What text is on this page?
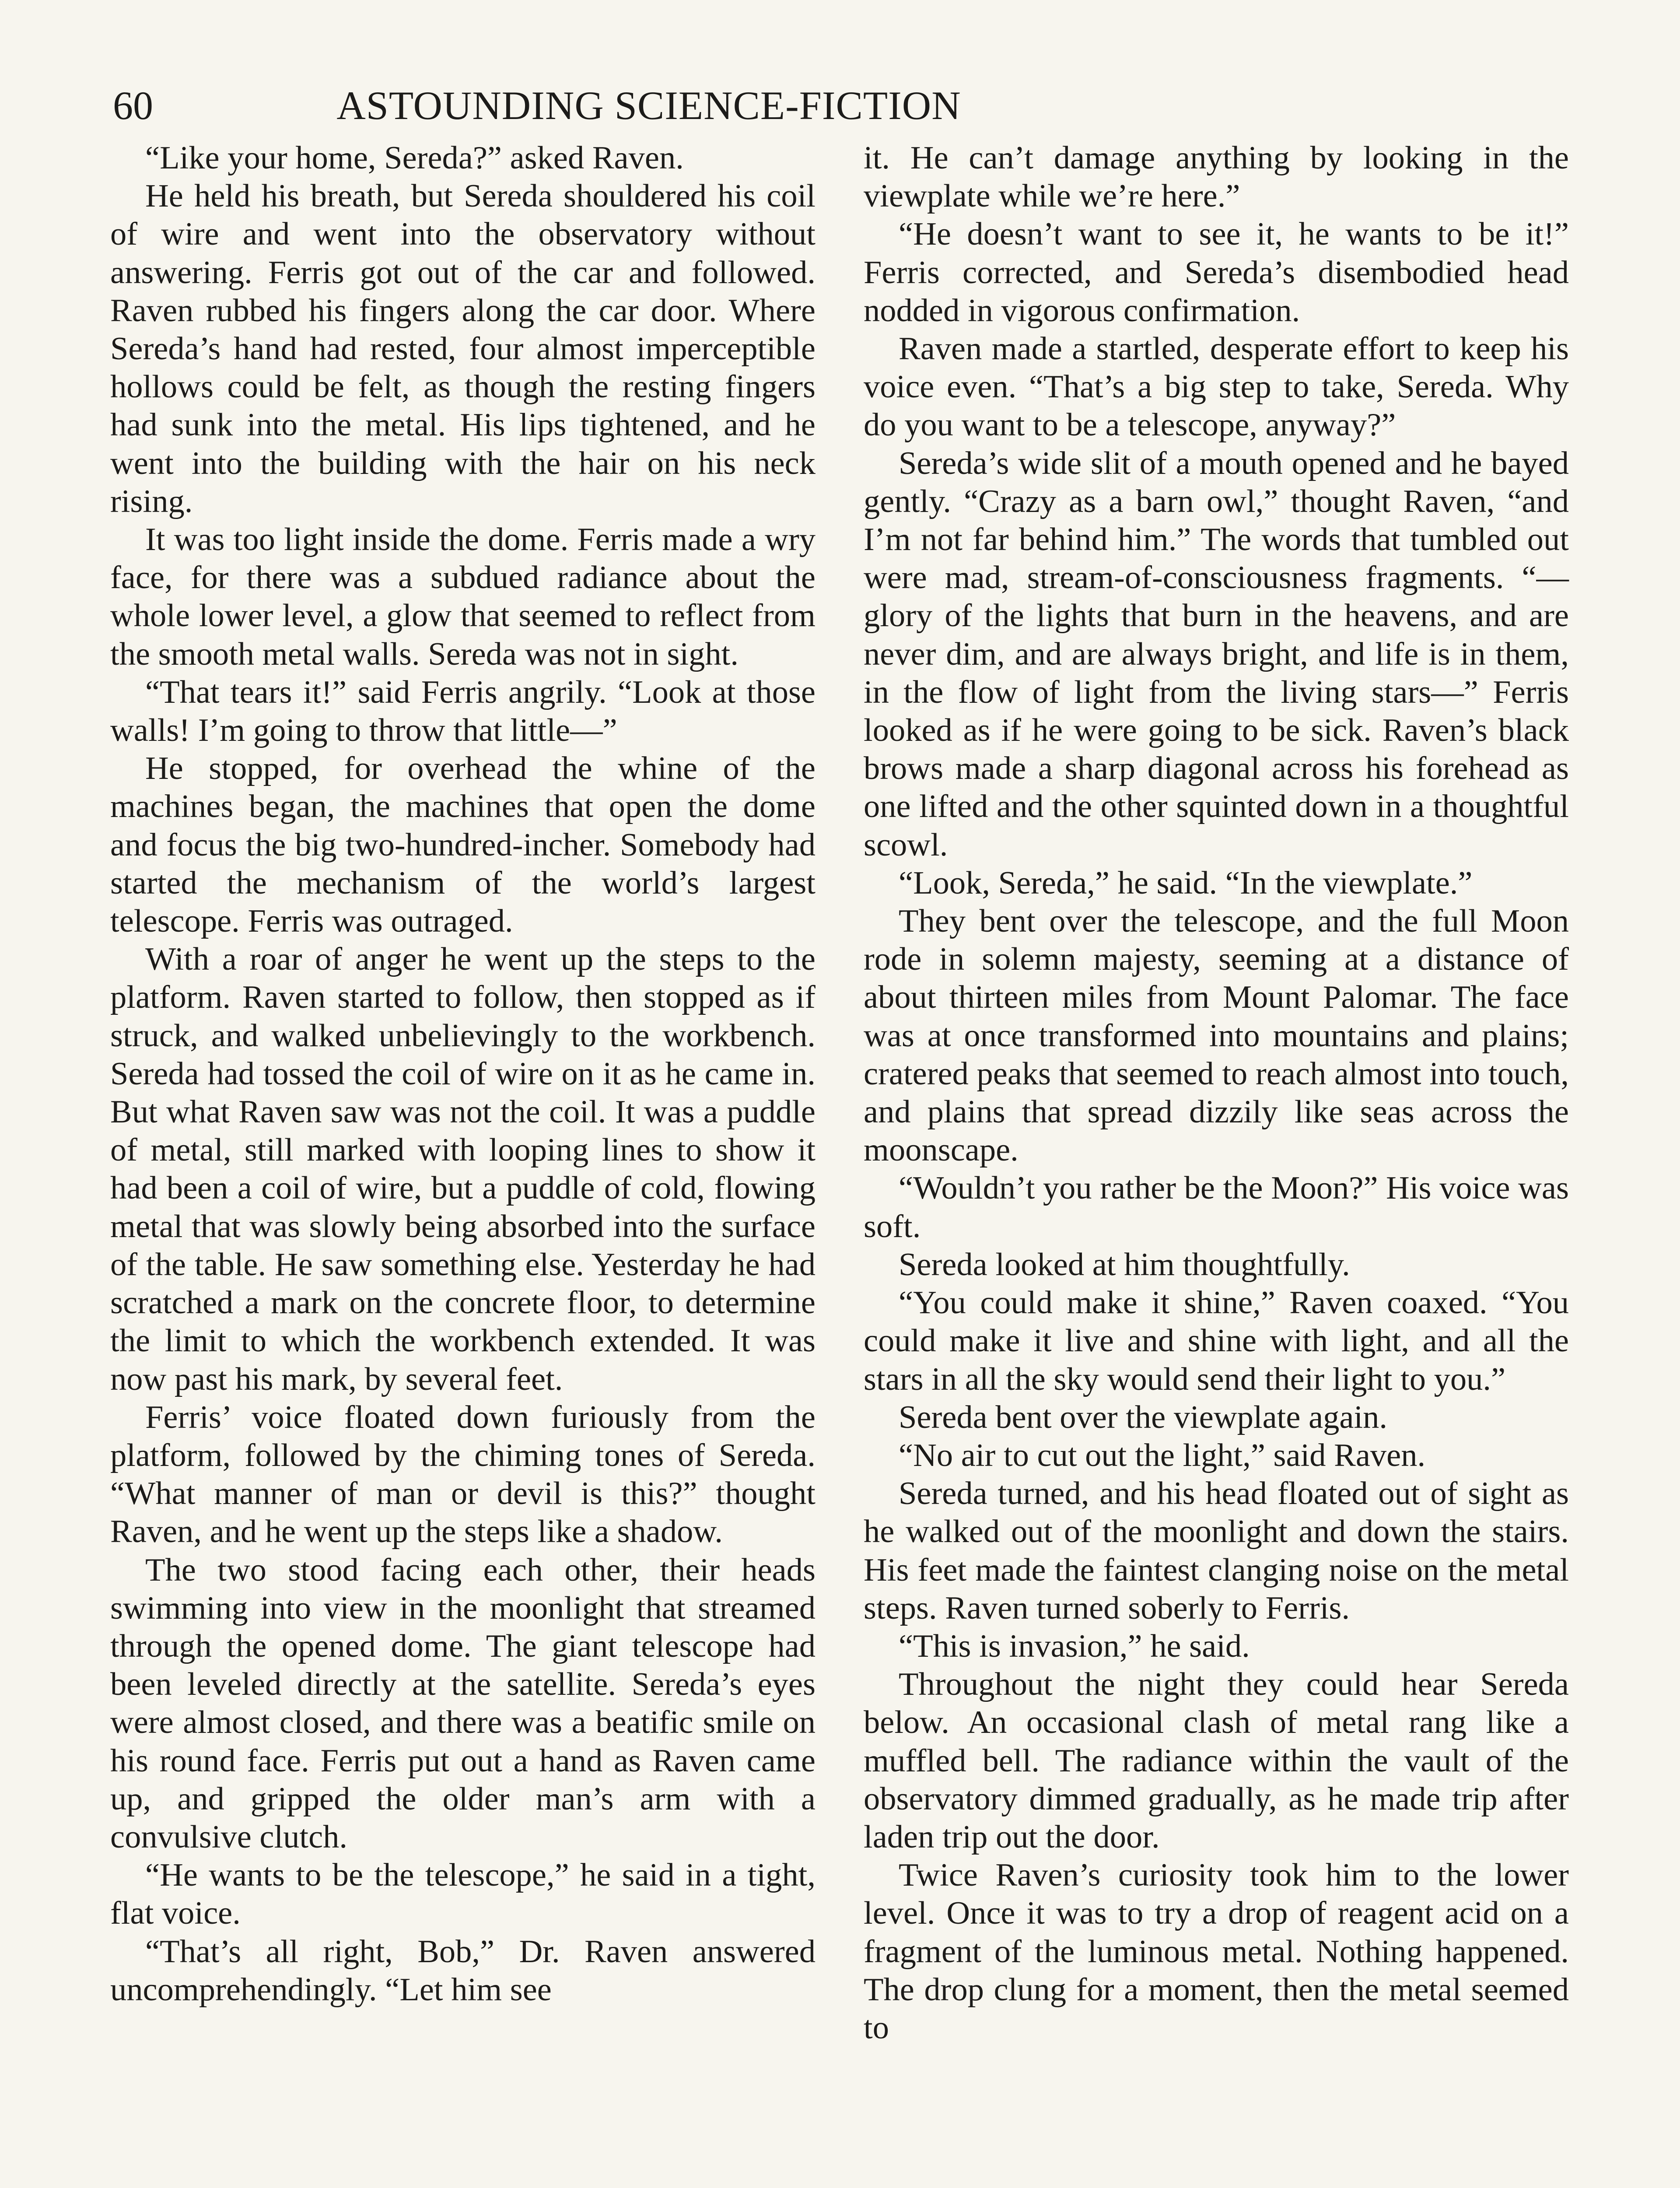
60	ASTOUNDING SCIENCE-FICTION

“Like your home, Sereda?” asked Raven.

He held his breath, but Sereda shouldered his coil of wire and went into the observatory without answering. Ferris got out of the car and followed. Raven rubbed his fingers along the car door. Where Sereda’s hand had rested, four almost imperceptible hollows could be felt, as though the resting fingers had sunk into the metal. His lips tightened, and he went into the building with the hair on his neck rising.

It was too light inside the dome. Ferris made a wry face, for there was a subdued radiance about the whole lower level, a glow that seemed to reflect from the smooth metal walls. Sereda was not in sight.

“That tears it!” said Ferris angrily. “Look at those walls! I’m going to throw that little—”

He stopped, for overhead the whine of the machines began, the machines that open the dome and focus the big two-hundred-incher. Somebody had started the mechanism of the world’s largest telescope. Ferris was outraged.

With a roar of anger he went up the steps to the platform. Raven started to follow, then stopped as if struck, and walked unbelievingly to the workbench. Sereda had tossed the coil of wire on it as he came in. But what Raven saw was not the coil. It was a puddle of metal, still marked with looping lines to show it had been a coil of wire, but a puddle of cold, flowing metal that was slowly being absorbed into the surface of the table. He saw something else. Yesterday he had scratched a mark on the concrete floor, to determine the limit to which the workbench extended. It was now past his mark, by several feet.

Ferris’ voice floated down furiously from the platform, followed by the chiming tones of Sereda. “What manner of man or devil is this?” thought Raven, and he went up the steps like a shadow.

The two stood facing each other, their heads swimming into view in the moonlight that streamed through the opened dome. The giant telescope had been leveled directly at the satellite. Sereda’s eyes were almost closed, and there was a beatific smile on his round face. Ferris put out a hand as Raven came up, and gripped the older man’s arm with a convulsive clutch.

“He wants to be the telescope,” he said in a tight, flat voice.

“That’s all right, Bob,” Dr. Raven answered uncomprehendingly. “Let him see

it. He can’t damage anything by looking in the viewplate while we’re here.”

“He doesn’t want to see it, he wants to be it!” Ferris corrected, and Sereda’s disembodied head nodded in vigorous confirmation.

Raven made a startled, desperate effort to keep his voice even. “That’s a big step to take, Sereda. Why do you want to be a telescope, anyway?”

Sereda’s wide slit of a mouth opened and he bayed gently. “Crazy as a barn owl,” thought Raven, “and I’m not far behind him.” The words that tumbled out were mad, stream-of-consciousness fragments. “—glory of the lights that burn in the heavens, and are never dim, and are always bright, and life is in them, in the flow of light from the living stars—” Ferris looked as if he were going to be sick. Raven’s black brows made a sharp diagonal across his forehead as one lifted and the other squinted down in a thoughtful scowl.

“Look, Sereda,” he said. “In the viewplate.”

They bent over the telescope, and the full Moon rode in solemn majesty, seeming at a distance of about thirteen miles from Mount Palomar. The face was at once transformed into mountains and plains; cratered peaks that seemed to reach almost into touch, and plains that spread dizzily like seas across the moonscape.

“Wouldn’t you rather be the Moon?” His voice was soft.

Sereda looked at him thoughtfully.

“You could make it shine,” Raven coaxed. “You could make it live and shine with light, and all the stars in all the sky would send their light to you.”

Sereda bent over the viewplate again.

“No air to cut out the light,” said Raven.

Sereda turned, and his head floated out of sight as he walked out of the moonlight and down the stairs. His feet made the faintest clanging noise on the metal steps. Raven turned soberly to Ferris.

“This is invasion,” he said.

Throughout the night they could hear Sereda below. An occasional clash of metal rang like a muffled bell. The radiance within the vault of the observatory dimmed gradually, as he made trip after laden trip out the door.

Twice Raven’s curiosity took him to the lower level. Once it was to try a drop of reagent acid on a fragment of the luminous metal. Nothing happened. The drop clung for a moment, then the metal seemed to
